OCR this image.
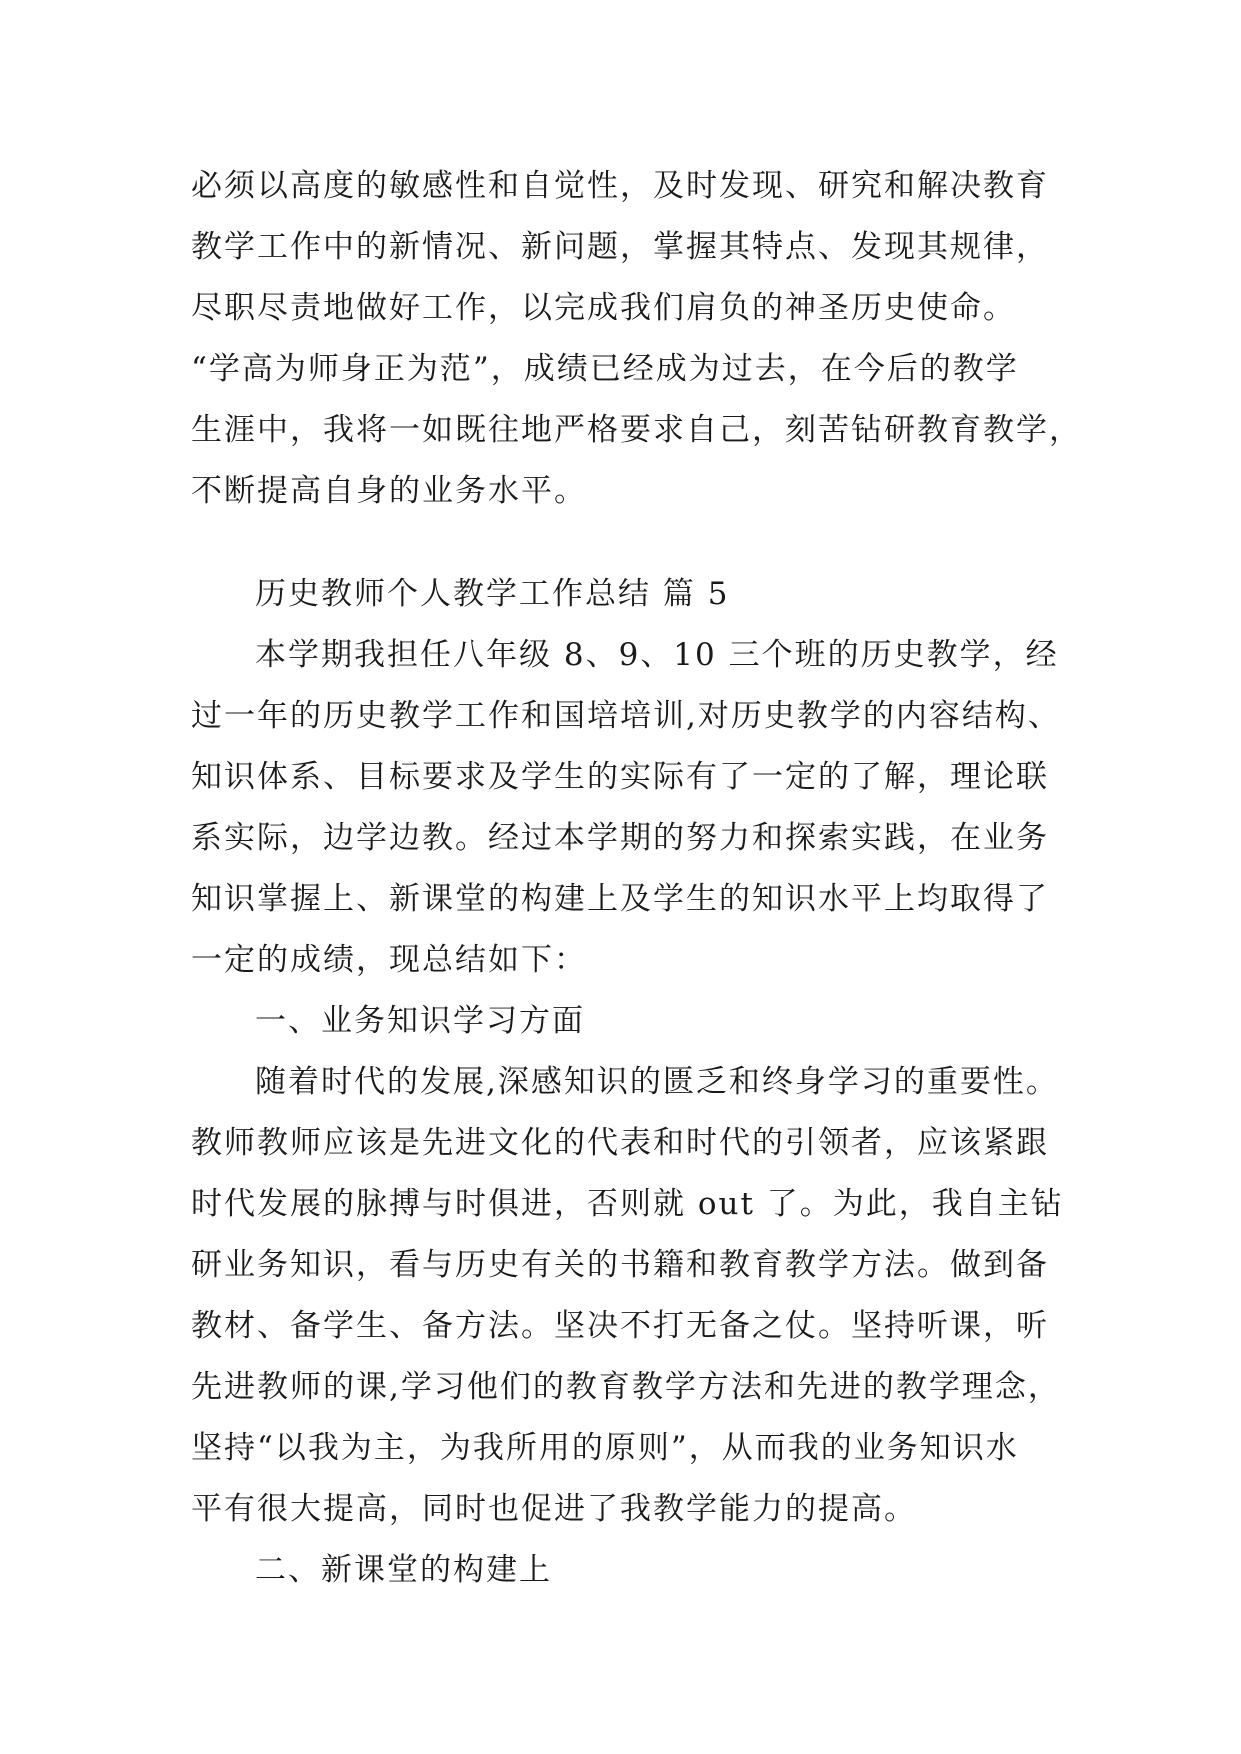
必须以高度的敏感性和自觉性，及时发现、研究和解决教育
教学工作中的新情况、新问题，掌握其特点、发现其规律，
尽职尽责地做好工作，以完成我们肩负的神圣历史使命。
“学高为师身正为范”，成绩已经成为过去，在今后的教学
生涯中，我将一如既往地严格要求自己，刻苦钻研教育教学，
不断提高自身的业务水平。
历史教师个人教学工作总结 篇 5
本学期我担任八年级 8、9、10 三个班的历史教学，经
过一年的历史教学工作和国培培训,对历史教学的内容结构、
知识体系、目标要求及学生的实际有了一定的了解，理论联
系实际，边学边教。经过本学期的努力和探索实践，在业务
知识掌握上、新课堂的构建上及学生的知识水平上均取得了
一定的成绩，现总结如下：
一、业务知识学习方面
随着时代的发展,深感知识的匮乏和终身学习的重要性。
教师教师应该是先进文化的代表和时代的引领者，应该紧跟
时代发展的脉搏与时俱进，否则就 out 了。为此，我自主钻
研业务知识，看与历史有关的书籍和教育教学方法。做到备
教材、备学生、备方法。坚决不打无备之仗。坚持听课，听
先进教师的课,学习他们的教育教学方法和先进的教学理念，
坚持“以我为主，为我所用的原则”，从而我的业务知识水
平有很大提高，同时也促进了我教学能力的提高。
二、新课堂的构建上
